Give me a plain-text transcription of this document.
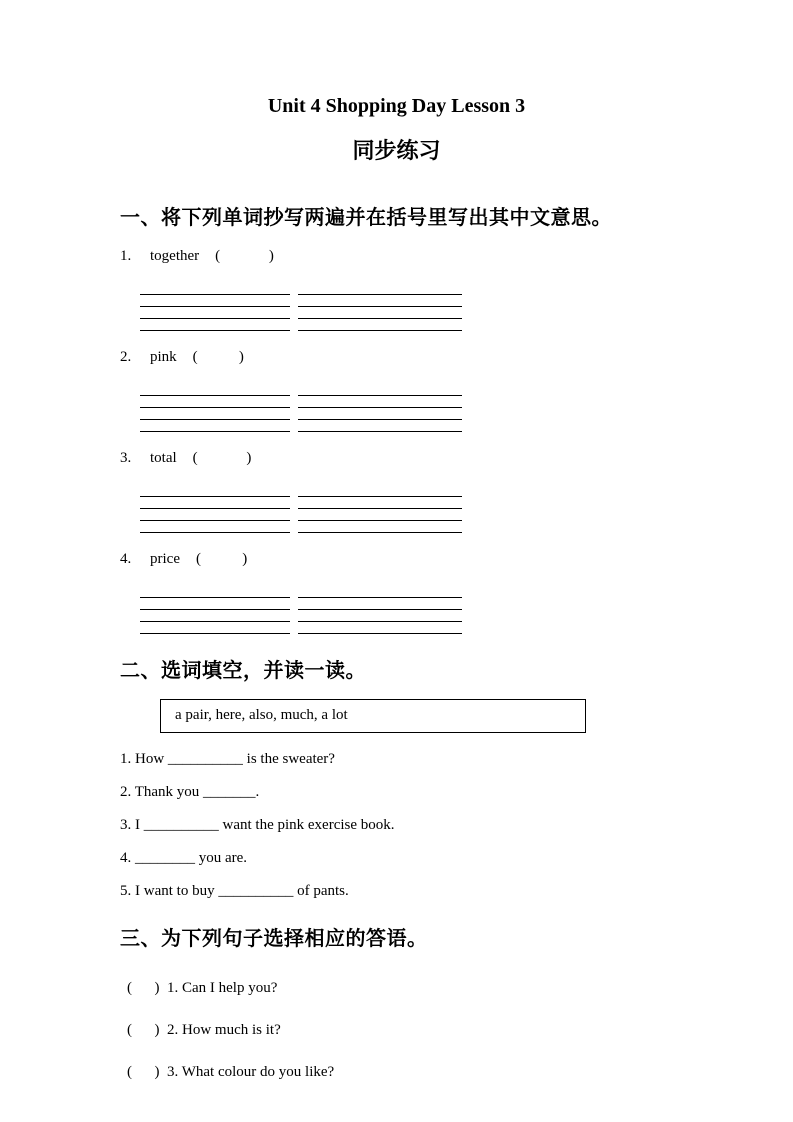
Unit 4 Shopping Day Lesson 3
同步练习
一、将下列单词抄写两遍并在括号里写出其中文意思。
1. together (             )
2. pink (           )
3. total (             )
4. price (           )
二、选词填空，并读一读。
a pair, here, also, much, a lot
1. How __________ is the sweater?
2. Thank you _______.
3. I __________ want the pink exercise book.
4. ________ you are.
5. I want to buy __________ of pants.
三、为下列句子选择相应的答语。
(      )  1. Can I help you?
(      )  2. How much is it?
(      )  3. What colour do you like?
